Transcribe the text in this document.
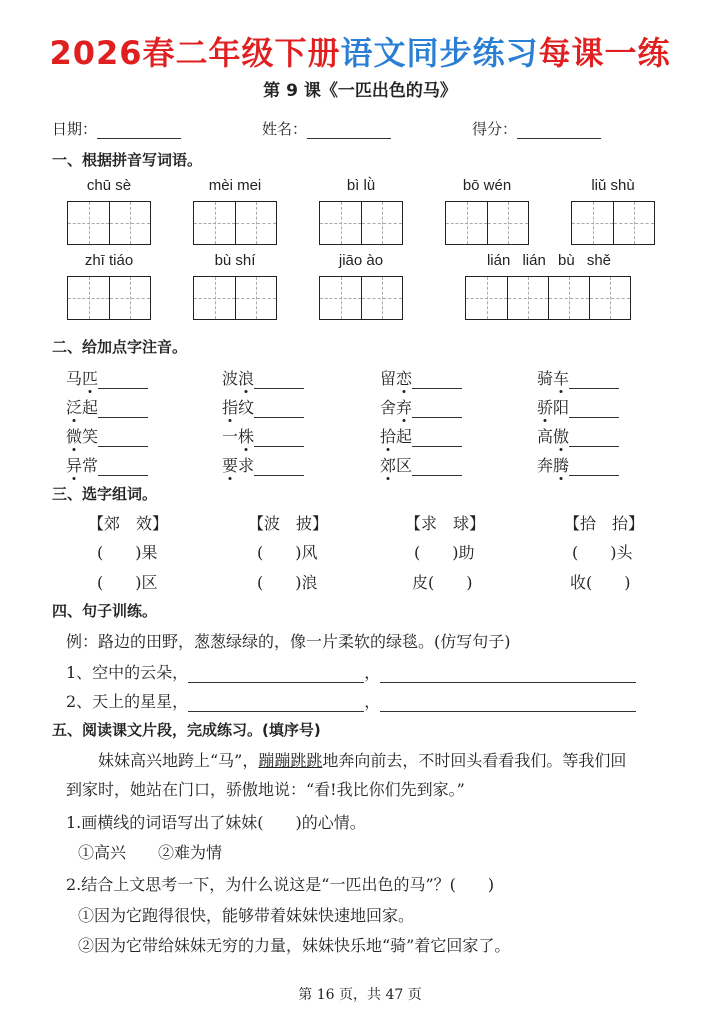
2026春二年级下册语文同步练习每课一练
第 9 课《一匹出色的马》
日期：	姓名：	得分：
一、根据拼音写词语。
chū sè	mèi mei	bì lǜ	bō wén	liǔ shù
zhī tiáo	bù shí	jiāo ào	lián lián bù shě
二、给加点字注音。
马匹	波浪	留恋	骑车
泛起	指纹	舍弃	骄阳
微笑	一株	拾起	高傲
异常	要求	郊区	奔腾
三、选字组词。
【郊　效】	【波　披】	【求　球】	【拾　抬】
(　　)果	(　　)风	(　　)助	(　　)头
(　　)区	(　　)浪	皮(　　)	收(　　)
四、句子训练。
例：路边的田野，葱葱绿绿的，像一片柔软的绿毯。(仿写句子)
1、空中的云朵，	，
2、天上的星星，	，
五、阅读课文片段，完成练习。(填序号)
妹妹高兴地跨上“马”，蹦蹦跳跳地奔向前去，不时回头看看我们。等我们回
到家时，她站在门口，骄傲地说：“看!我比你们先到家。”
1.画横线的词语写出了妹妹(　　)的心情。
①高兴　　②难为情
2.结合上文思考一下，为什么说这是“一匹出色的马”？(　　)
①因为它跑得很快，能够带着妹妹快速地回家。
②因为它带给妹妹无穷的力量，妹妹快乐地“骑”着它回家了。
第 16 页，共 47 页
